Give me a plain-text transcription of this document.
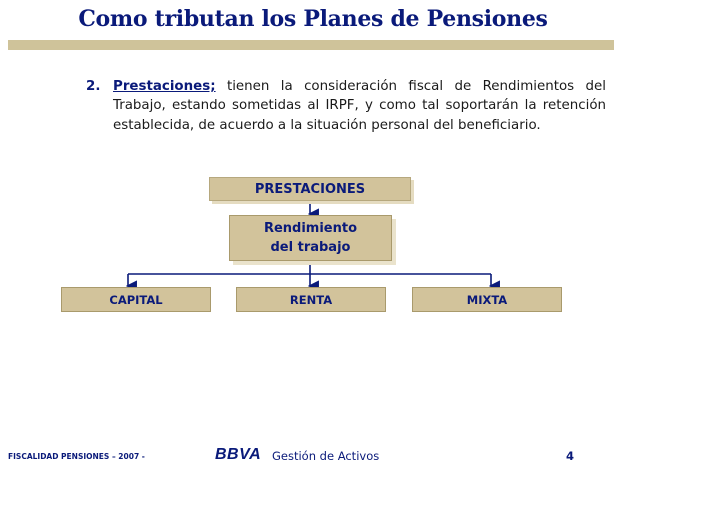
Como tributan los Planes de Pensiones
2. Prestaciones; tienen la consideración fiscal de Rendimientos del Trabajo, estando sometidas al IRPF, y como tal soportarán la retención establecida, de acuerdo a la situación personal del beneficiario.
PRESTACIONES
Rendimiento
del trabajo
CAPITAL	RENTA	MIXTA
FISCALIDAD PENSIONES – 2007 -	BBVA Gestión de Activos	4
